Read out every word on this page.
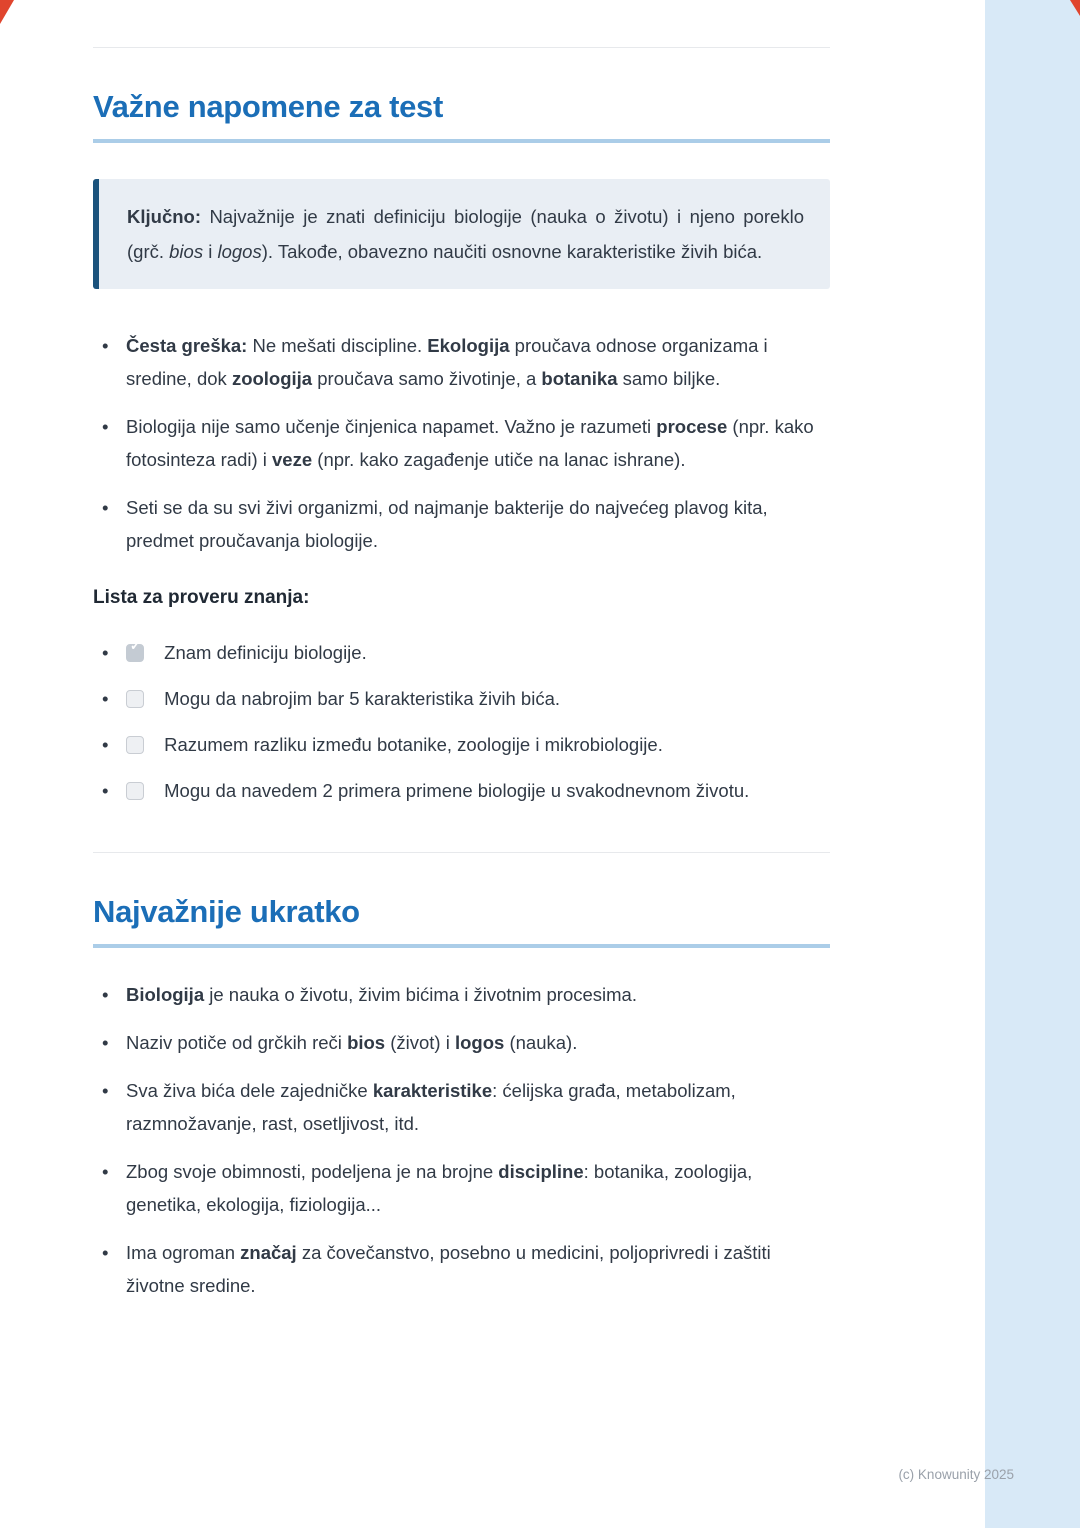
Važne napomene za test
Ključno: Najvažnije je znati definiciju biologije (nauka o životu) i njeno poreklo (grč. bios i logos). Takođe, obavezno naučiti osnovne karakteristike živih bića.
• Česta greška: Ne mešati discipline. Ekologija proučava odnose organizama i sredine, dok zoologija proučava samo životinje, a botanika samo biljke.
• Biologija nije samo učenje činjenica napamet. Važno je razumeti procese (npr. kako fotosinteza radi) i veze (npr. kako zagađenje utiče na lanac ishrane).
• Seti se da su svi živi organizmi, od najmanje bakterije do najvećeg plavog kita, predmet proučavanja biologije.

Lista za proveru znanja:

• ✓	Znam definiciju biologije.
•	Mogu da nabrojim bar 5 karakteristika živih bića.
•	Razumem razliku između botanike, zoologije i mikrobiologije.
•	Mogu da navedem 2 primera primene biologije u svakodnevnom životu.
Najvažnije ukratko
• Biologija je nauka o životu, živim bićima i životnim procesima.
• Naziv potiče od grčkih reči bios (život) i logos (nauka).
• Sva živa bića dele zajedničke karakteristike: ćelijska građa, metabolizam, razmnožavanje, rast, osetljivost, itd.
• Zbog svoje obimnosti, podeljena je na brojne discipline: botanika, zoologija, genetika, ekologija, fiziologija...
• Ima ogroman značaj za čovečanstvo, posebno u medicini, poljoprivredi i zaštiti životne sredine.
(c) Knowunity 2025
